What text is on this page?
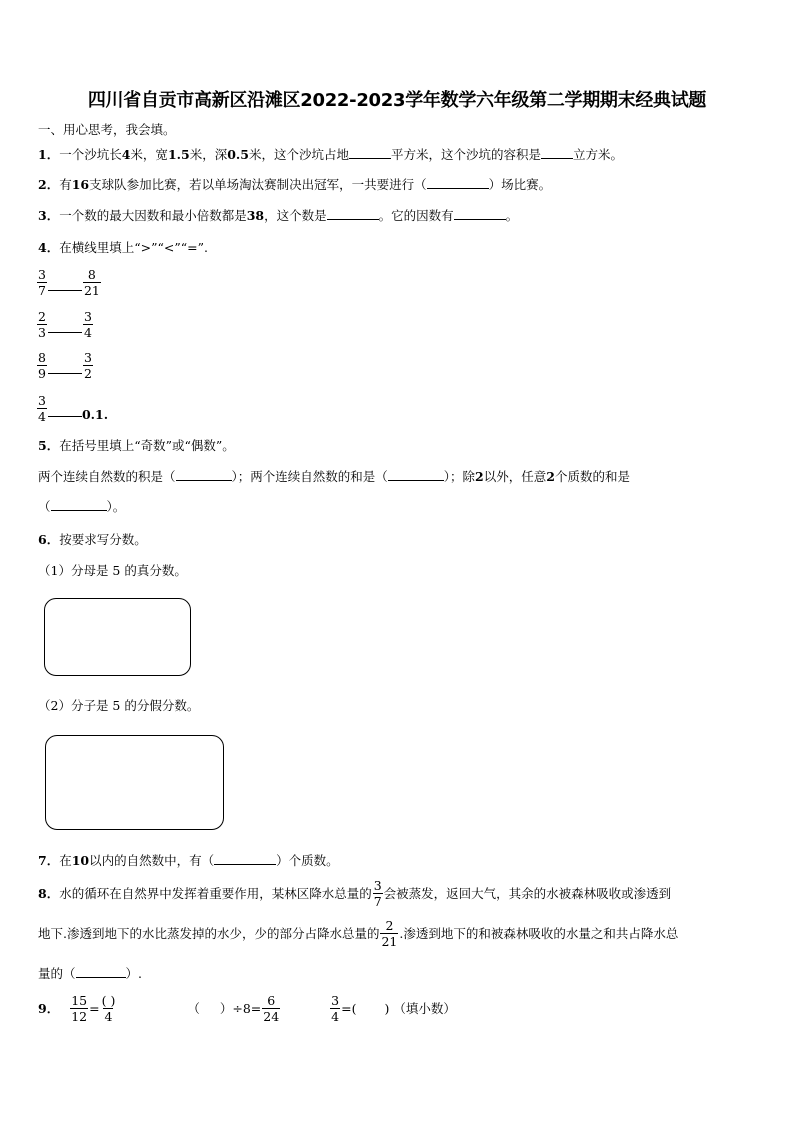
四川省自贡市高新区沿滩区2022-2023学年数学六年级第二学期期末经典试题
一、用心思考，我会填。
1．一个沙坑长4米，宽1.5米，深0.5米，这个沙坑占地	平方米，这个沙坑的容积是	立方米。
2．有16支球队参加比赛，若以单场淘汰赛制决出冠军，一共要进行（	）场比赛。
3．一个数的最大因数和最小倍数都是38，这个数是	。它的因数有	。
4．在横线里填上“>”“<”“=”.
$\frac{3}{7}$	$\frac{8}{21}$
$\frac{2}{3}$	$\frac{3}{4}$
$\frac{8}{9}$	$\frac{3}{2}$
$\frac{3}{4}$	0.1.
5．在括号里填上“奇数”或“偶数”。
两个连续自然数的积是（	）；两个连续自然数的和是（	）；除2以外，任意2个质数的和是
（	）。
6．按要求写分数。
（1）分母是 5 的真分数。
（2）分子是 5 的分假分数。
7．在10以内的自然数中，有（	）个质数。
8． 水的循环在自然界中发挥着重要作用，某林区降水总量的 $\frac{3}{7}$ 会被蒸发，返回大气，其余的水被森林吸收或渗透到
地下.渗透到地下的水比蒸发掉的水少，少的部分占降水总量的 $\frac{2}{21}$ .渗透到地下的和被森林吸收的水量之和共占降水总
量的（	）.
9． $\frac{15}{12} = \frac{( )}{4}$	（ ）$\div 8= \frac{6}{24}$	$\frac{3}{4}$ =( ) （填小数）
